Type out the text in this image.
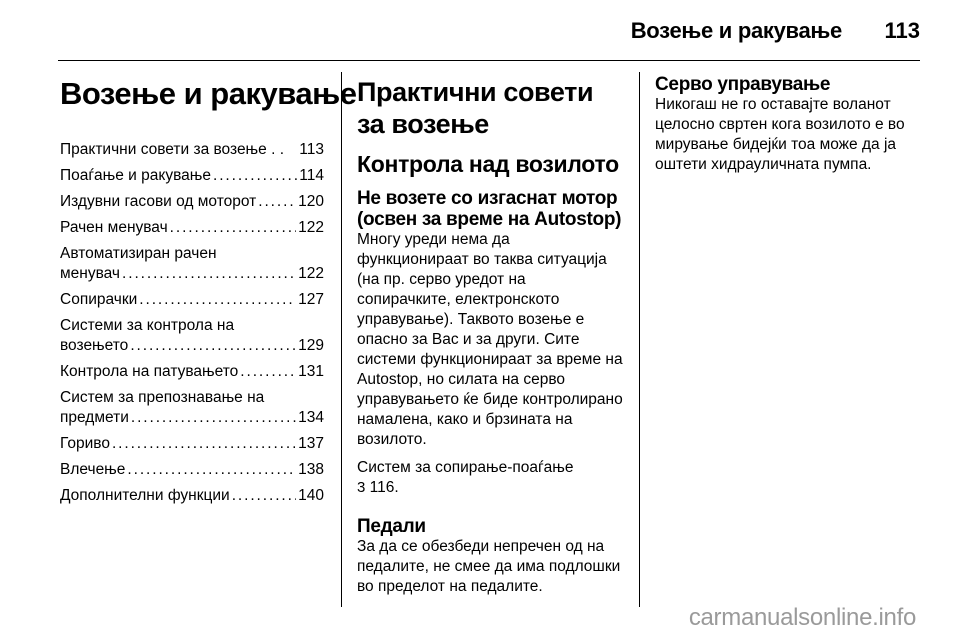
Возење и ракување 113
Возење и ракување
Практични совети за возење . . 113
Поаѓање и ракување . . .	114
Издувни гасови од моторот . . .	120
Рачен менувач . . .	122
Автоматизиран рачен
менувач . . .	122
Сопирачки . . .	127
Системи за контрола на
возењето . . .	129
Контрола на патувањето . . .	131
Систем за препознавање на
предмети . . .	134
Гориво . . .	137
Влечење . . .	138
Дополнителни функции . . .	140
Практични совети за возење
Контрола над возилото
Не возете со изгаснат мотор (освен за време на Autostop)

Многу уреди нема да функционираат во таква ситуација (на пр. серво уредот на сопирачките, електронското управување). Таквото возење е опасно за Вас и за други. Сите системи функционираат за време на Autostop, но силата на серво управувањето ќе биде контролирано намалена, како и брзината на возилото.

Систем за сопирање-поаѓање
3 116.

Педали

За да се обезбеди непречен од на педалите, не смее да има подлошки во пределот на педалите.

Серво управување

Никогаш не го оставајте воланот целосно свртен кога возилото е во мирување бидејќи тоа може да ја оштети хидрауличната пумпа.

carmanualsonline.info
